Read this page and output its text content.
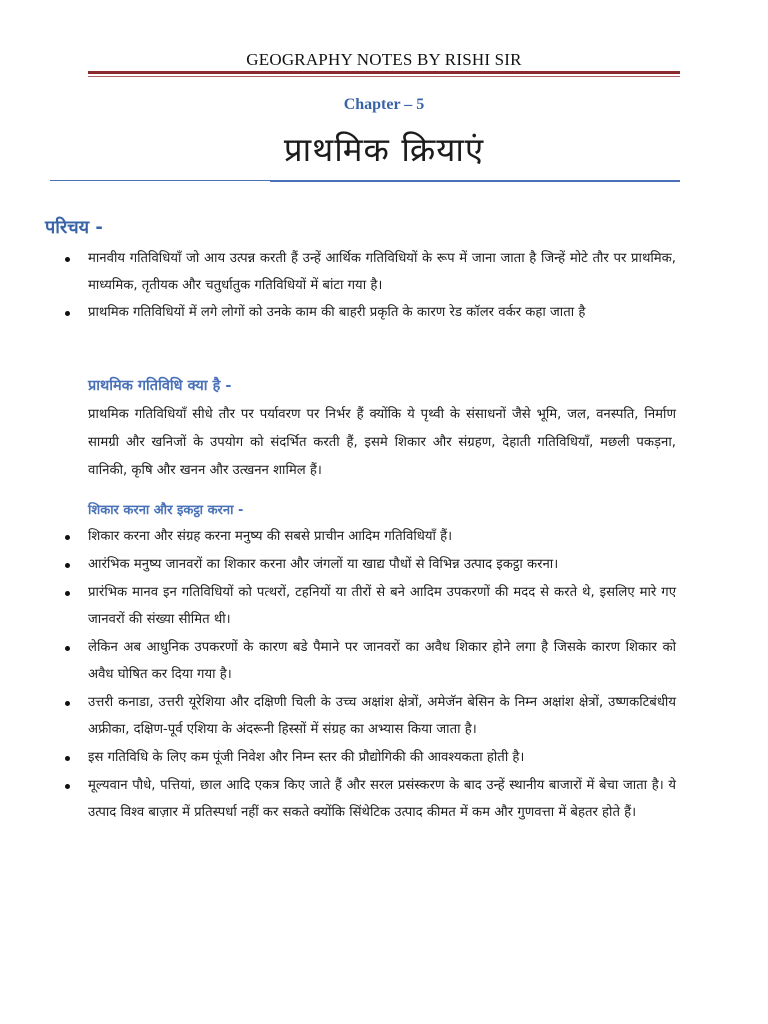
GEOGRAPHY NOTES BY RISHI SIR
Chapter – 5
प्राथमिक क्रियाएं
परिचय -
मानवीय गतिविधियाँ जो आय उत्पन्न करती हैं उन्हें आर्थिक गतिविधियों के रूप में जाना जाता है जिन्हें मोटे तौर पर प्राथमिक, माध्यमिक, तृतीयक और चतुर्धातुक गतिविधियों में बांटा गया है।
प्राथमिक गतिविधियों में लगे लोगों को उनके काम की बाहरी प्रकृति के कारण रेड कॉलर वर्कर कहा जाता है
प्राथमिक गतिविधि क्या है -

प्राथमिक गतिविधियाँ सीधे तौर पर पर्यावरण पर निर्भर हैं क्योंकि ये पृथ्वी के संसाधनों जैसे भूमि, जल, वनस्पति, निर्माण सामग्री और खनिजों के उपयोग को संदर्भित करती हैं, इसमे शिकार और संग्रहण, देहाती गतिविधियाँ, मछली पकड़ना, वानिकी, कृषि और खनन और उत्खनन शामिल हैं।

शिकार करना और इकट्ठा करना -
शिकार करना और संग्रह करना मनुष्य की सबसे प्राचीन आदिम गतिविधियाँ हैं।
आरंभिक मनुष्य जानवरों का शिकार करना और जंगलों या खाद्य पौधों से विभिन्न उत्पाद इकट्ठा करना।
प्रारंभिक मानव इन गतिविधियों को पत्थरों, टहनियों या तीरों से बने आदिम उपकरणों की मदद से करते थे, इसलिए मारे गए जानवरों की संख्या सीमित थी।
लेकिन अब आधुनिक उपकरणों के कारण बडे पैमाने पर जानवरों का अवैध शिकार होने लगा है जिसके कारण शिकार को अवैध घोषित कर दिया गया है।
उत्तरी कनाडा, उत्तरी यूरेशिया और दक्षिणी चिली के उच्च अक्षांश क्षेत्रों, अमेजॅन बेसिन के निम्न अक्षांश क्षेत्रों, उष्णकटिबंधीय अफ्रीका, दक्षिण-पूर्व एशिया के अंदरूनी हिस्सों में संग्रह का अभ्यास किया जाता है।
इस गतिविधि के लिए कम पूंजी निवेश और निम्न स्तर की प्रौद्योगिकी की आवश्यकता होती है।
मूल्यवान पौधे, पत्तियां, छाल आदि एकत्र किए जाते हैं और सरल प्रसंस्करण के बाद उन्हें स्थानीय बाजारों में बेचा जाता है। ये उत्पाद विश्व बाज़ार में प्रतिस्पर्धा नहीं कर सकते क्योंकि सिंथेटिक उत्पाद कीमत में कम और गुणवत्ता में बेहतर होते हैं।
